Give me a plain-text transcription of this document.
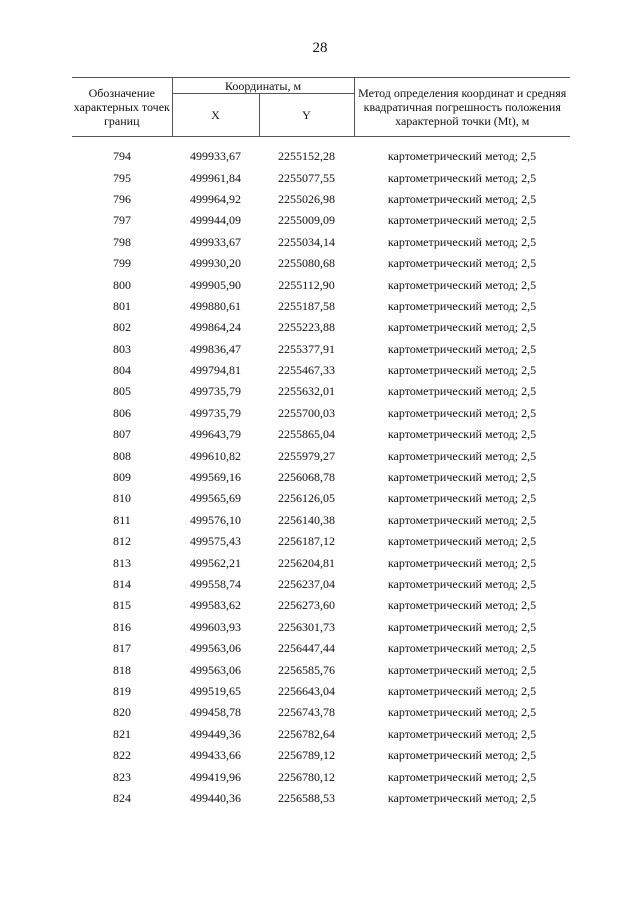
28
Обозначение характерных точек границ	Координаты, м		Метод определения координат и средняя квадратичная погрешность положения характерной точки (Mt), м
	X	Y	

794	499933,67	2255152,28	картометрический метод; 2,5
795	499961,84	2255077,55	картометрический метод; 2,5
796	499964,92	2255026,98	картометрический метод; 2,5
797	499944,09	2255009,09	картометрический метод; 2,5
798	499933,67	2255034,14	картометрический метод; 2,5
799	499930,20	2255080,68	картометрический метод; 2,5
800	499905,90	2255112,90	картометрический метод; 2,5
801	499880,61	2255187,58	картометрический метод; 2,5
802	499864,24	2255223,88	картометрический метод; 2,5
803	499836,47	2255377,91	картометрический метод; 2,5
804	499794,81	2255467,33	картометрический метод; 2,5
805	499735,79	2255632,01	картометрический метод; 2,5
806	499735,79	2255700,03	картометрический метод; 2,5
807	499643,79	2255865,04	картометрический метод; 2,5
808	499610,82	2255979,27	картометрический метод; 2,5
809	499569,16	2256068,78	картометрический метод; 2,5
810	499565,69	2256126,05	картометрический метод; 2,5
811	499576,10	2256140,38	картометрический метод; 2,5
812	499575,43	2256187,12	картометрический метод; 2,5
813	499562,21	2256204,81	картометрический метод; 2,5
814	499558,74	2256237,04	картометрический метод; 2,5
815	499583,62	2256273,60	картометрический метод; 2,5
816	499603,93	2256301,73	картометрический метод; 2,5
817	499563,06	2256447,44	картометрический метод; 2,5
818	499563,06	2256585,76	картометрический метод; 2,5
819	499519,65	2256643,04	картометрический метод; 2,5
820	499458,78	2256743,78	картометрический метод; 2,5
821	499449,36	2256782,64	картометрический метод; 2,5
822	499433,66	2256789,12	картометрический метод; 2,5
823	499419,96	2256780,12	картометрический метод; 2,5
824	499440,36	2256588,53	картометрический метод; 2,5
